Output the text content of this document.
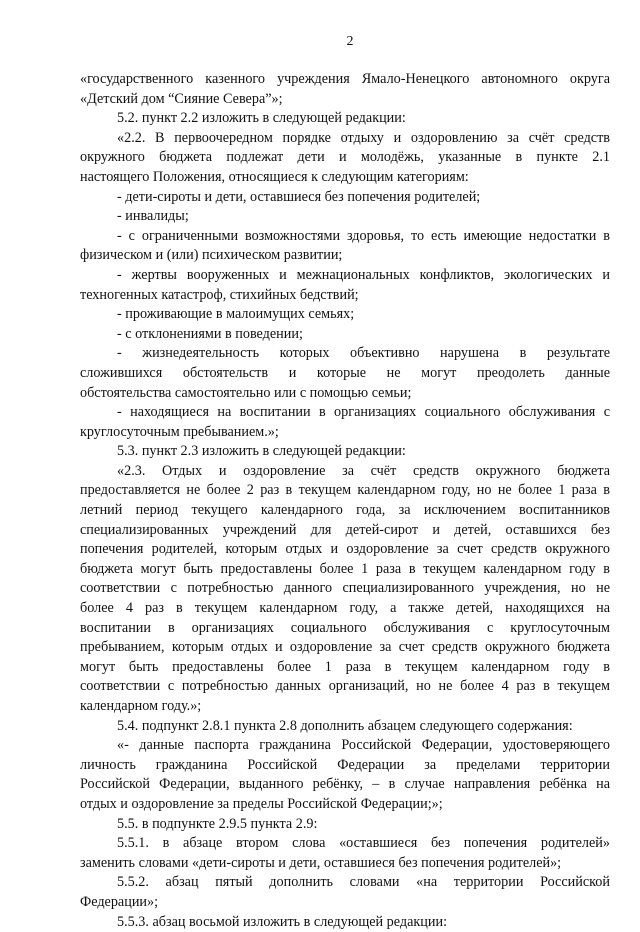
2
«государственного казенного учреждения Ямало-Ненецкого автономного округа
«Детский дом “Сияние Севера”»;
5.2. пункт 2.2 изложить в следующей редакции:
«2.2. В первоочередном порядке отдыху и оздоровлению за счёт средств
окружного бюджета подлежат дети и молодёжь, указанные в пункте 2.1
настоящего Положения, относящиеся к следующим категориям:
- дети-сироты и дети, оставшиеся без попечения родителей;
- инвалиды;
- с ограниченными возможностями здоровья, то есть имеющие недостатки в
физическом и (или) психическом развитии;
- жертвы вооруженных и межнациональных конфликтов, экологических и
техногенных катастроф, стихийных бедствий;
- проживающие в малоимущих семьях;
- с отклонениями в поведении;
- жизнедеятельность которых объективно нарушена в результате
сложившихся обстоятельств и которые не могут преодолеть данные
обстоятельства самостоятельно или с помощью семьи;
- находящиеся на воспитании в организациях социального обслуживания с
круглосуточным пребыванием.»;
5.3. пункт 2.3 изложить в следующей редакции:
«2.3. Отдых и оздоровление за счёт средств окружного бюджета
предоставляется не более 2 раз в текущем календарном году, но не более 1 раза в
летний период текущего календарного года, за исключением воспитанников
специализированных учреждений для детей-сирот и детей, оставшихся без
попечения родителей, которым отдых и оздоровление за счет средств окружного
бюджета могут быть предоставлены более 1 раза в текущем календарном году в
соответствии с потребностью данного специализированного учреждения, но не
более 4 раз в текущем календарном году, а также детей, находящихся на
воспитании в организациях социального обслуживания с круглосуточным
пребыванием, которым отдых и оздоровление за счет средств окружного бюджета
могут быть предоставлены более 1 раза в текущем календарном году в
соответствии с потребностью данных организаций, но не более 4 раз в текущем
календарном году.»;
5.4. подпункт 2.8.1 пункта 2.8 дополнить абзацем следующего содержания:
«- данные паспорта гражданина Российской Федерации, удостоверяющего
личность гражданина Российской Федерации за пределами территории
Российской Федерации, выданного ребёнку, – в случае направления ребёнка на
отдых и оздоровление за пределы Российской Федерации;»;
5.5. в подпункте 2.9.5 пункта 2.9:
5.5.1. в абзаце втором слова «оставшиеся без попечения родителей»
заменить словами «дети-сироты и дети, оставшиеся без попечения родителей»;
5.5.2. абзац пятый дополнить словами «на территории Российской
Федерации»;
5.5.3. абзац восьмой изложить в следующей редакции:
